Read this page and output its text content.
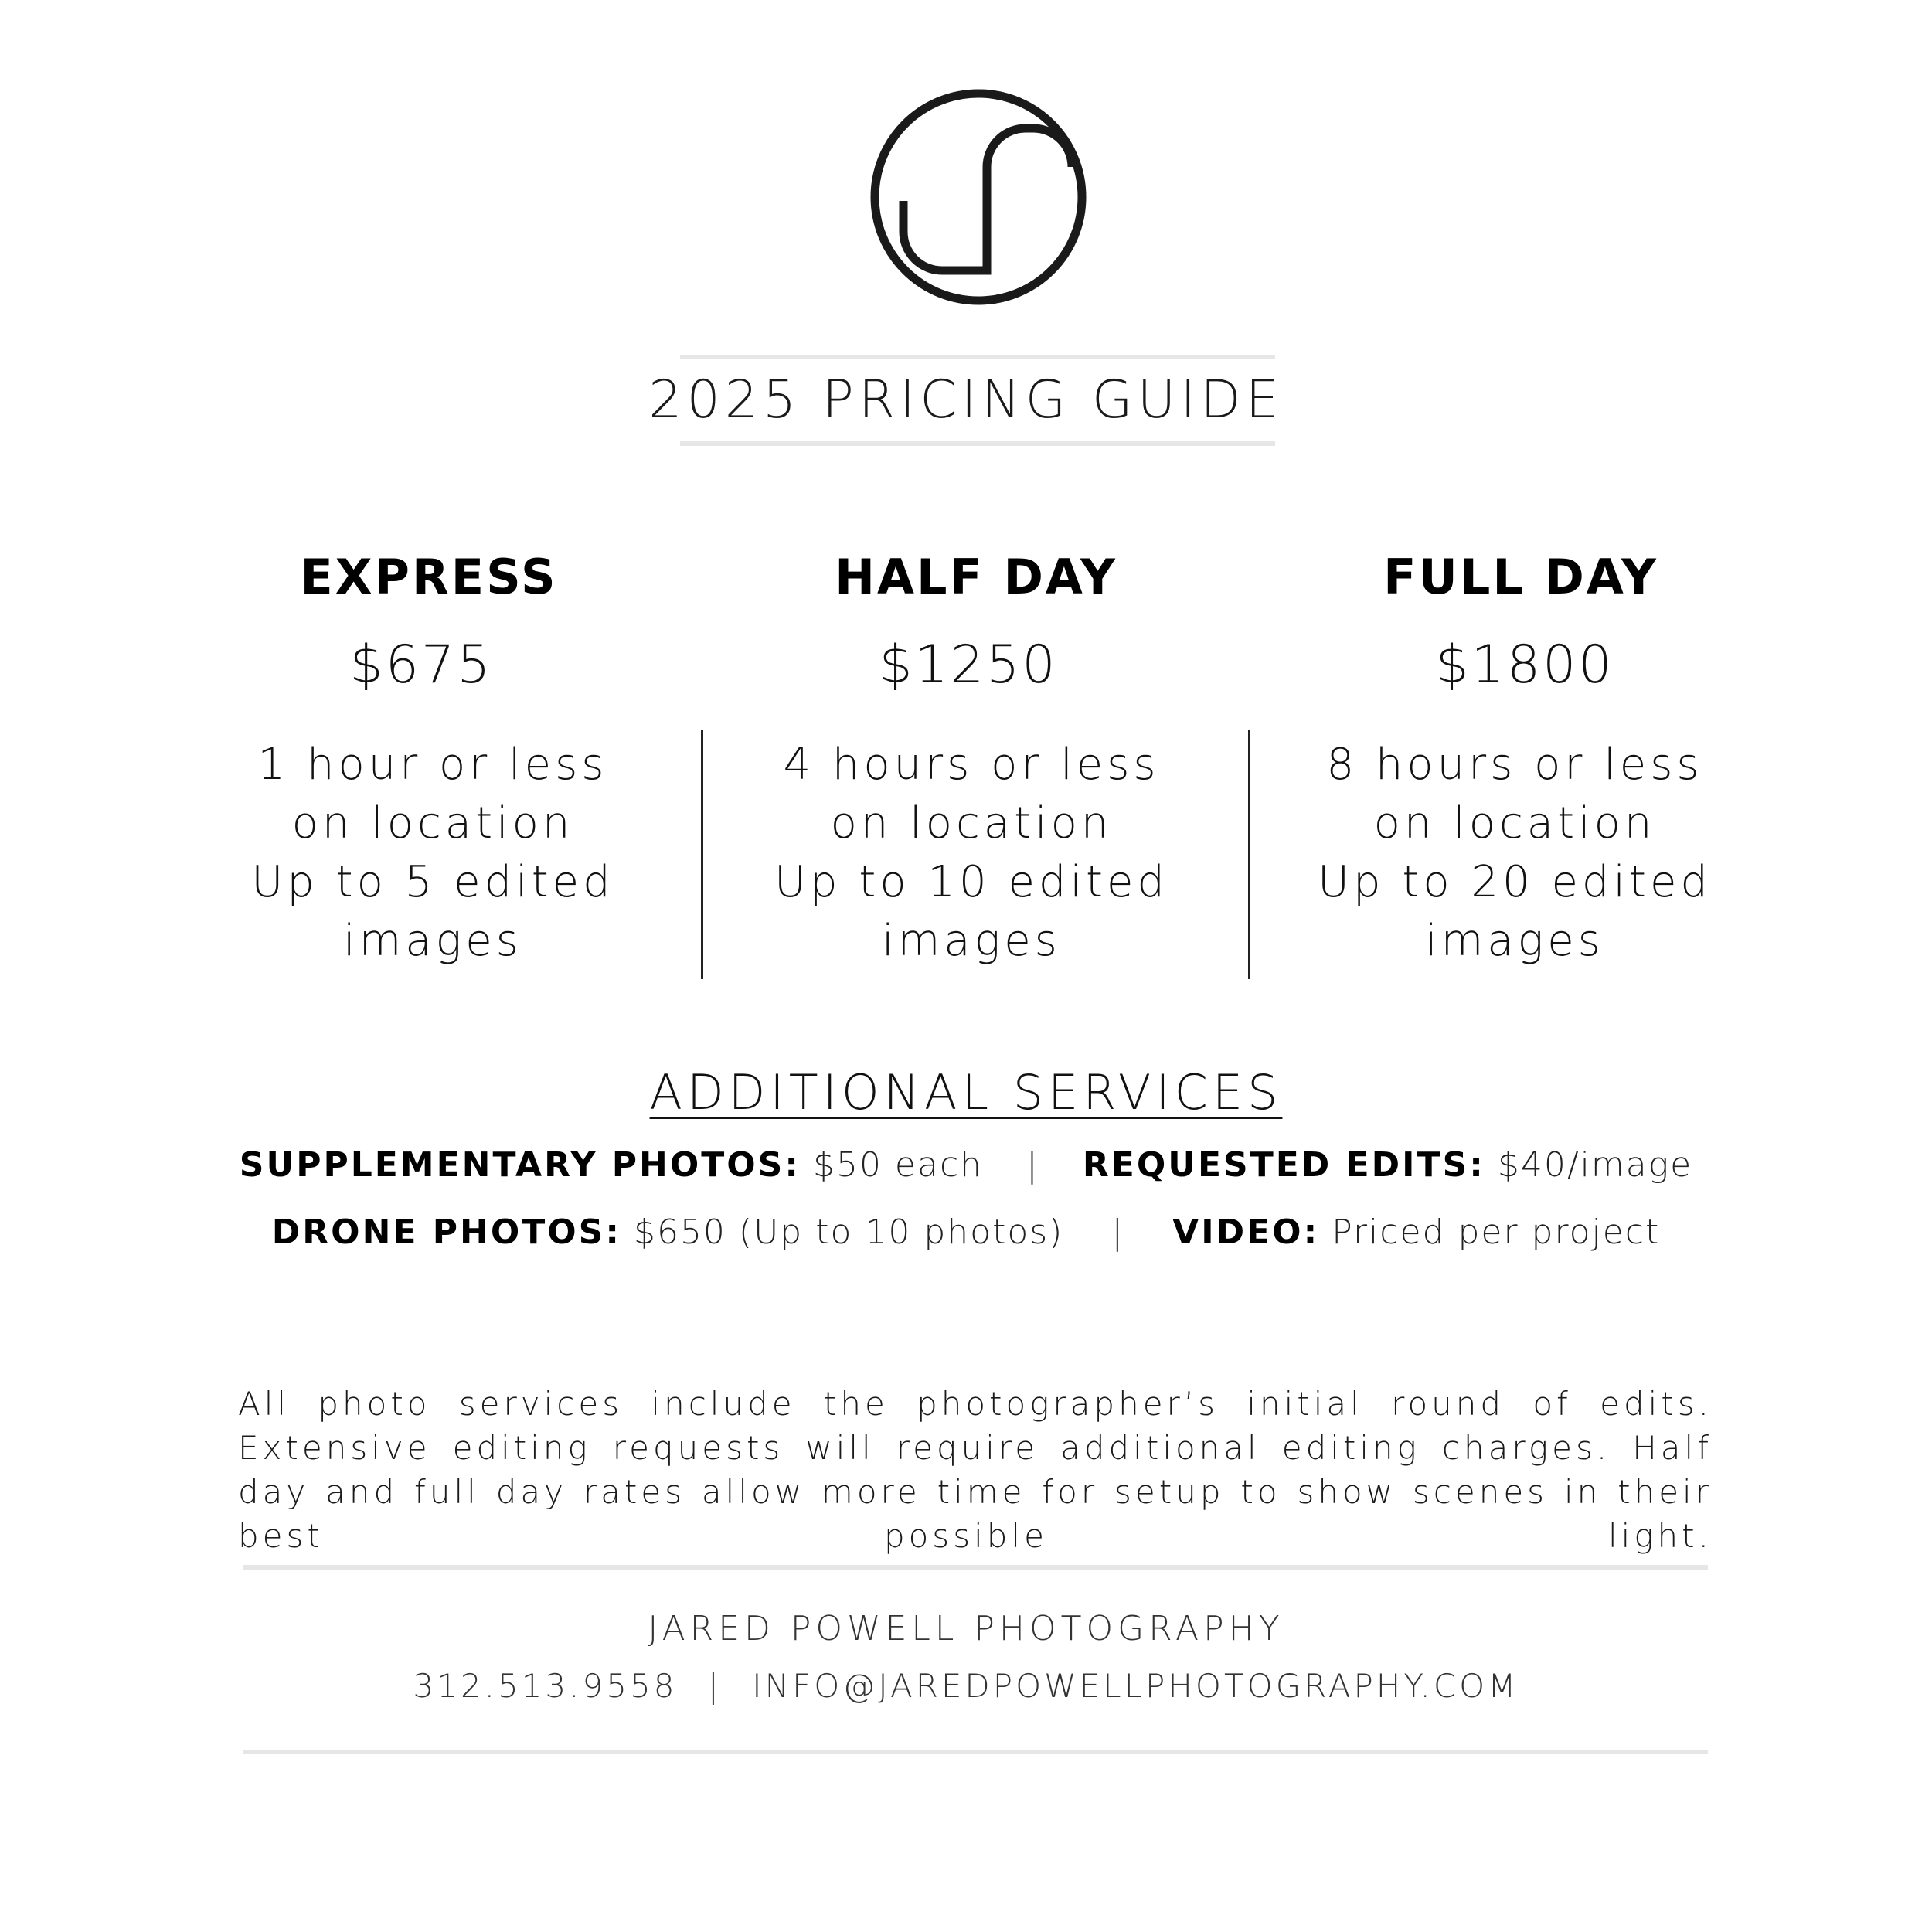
2025 PRICING GUIDE
EXPRESS
$675
1 hour or less
on location
Up to 5 edited
images
HALF DAY
$1250
4 hours or less
on location
Up to 10 edited
images
FULL DAY
$1800
8 hours or less
on location
Up to 20 edited
images
ADDITIONAL SERVICES
SUPPLEMENTARY PHOTOS: $50 each | REQUESTED EDITS: $40/image
DRONE PHOTOS: $650 (Up to 10 photos) | VIDEO: Priced per project
All photo services include the photographer’s initial round of edits. Extensive editing requests will require additional editing charges. Half day and full day rates allow more time for setup to show scenes in their best possible light.
JARED POWELL PHOTOGRAPHY
312.513.9558 | INFO@JAREDPOWELLPHOTOGRAPHY.COM
